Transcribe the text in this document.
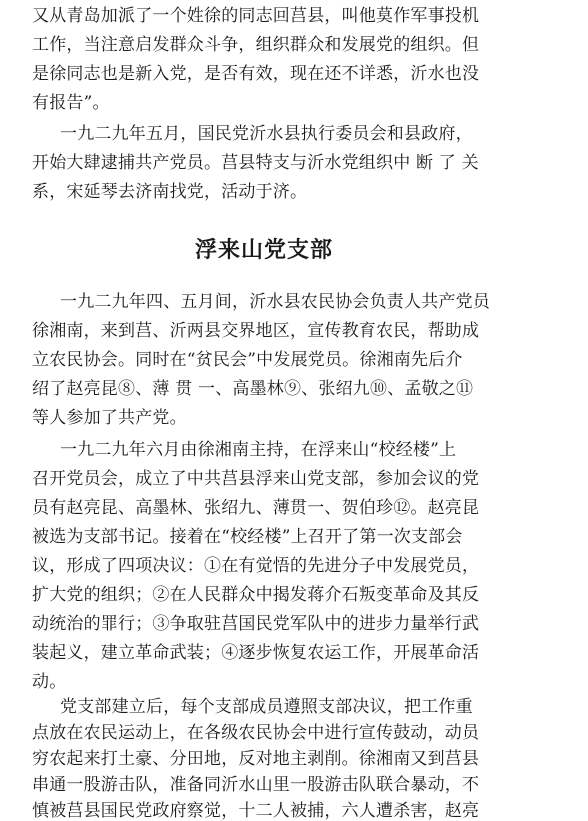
又从青岛加派了一个姓徐的同志回莒县，叫他莫作军事投机
工作，当注意启发群众斗争，组织群众和发展党的组织。但
是徐同志也是新入党，是否有效，现在还不详悉，沂水也没
有报告”。
一九二九年五月，国民党沂水县执行委员会和县政府，
开始大肆逮捕共产党员。莒县特支与沂水党组织中 断 了 关
系，宋延琴去济南找党，活动于济。
浮来山党支部
一九二九年四、五月间，沂水县农民协会负责人共产党员
徐湘南，来到莒、沂两县交界地区，宣传教育农民，帮助成
立农民协会。同时在“贫民会”中发展党员。徐湘南先后介
绍了赵亮昆⑧、薄 贯 一、高墨林⑨、张绍九⑩、孟敬之⑪
等人参加了共产党。
一九二九年六月由徐湘南主持，在浮来山“校经楼”上
召开党员会，成立了中共莒县浮来山党支部，参加会议的党
员有赵亮昆、高墨林、张绍九、薄贯一、贺伯珍⑫。赵亮昆
被选为支部书记。接着在“校经楼”上召开了第一次支部会
议，形成了四项决议：①在有觉悟的先进分子中发展党员，
扩大党的组织；②在人民群众中揭发蒋介石叛变革命及其反
动统治的罪行；③争取驻莒国民党军队中的进步力量举行武
装起义，建立革命武装；④逐步恢复农运工作，开展革命活
动。
党支部建立后，每个支部成员遵照支部决议，把工作重
点放在农民运动上，在各级农民协会中进行宣传鼓动，动员
穷农起来打土豪、分田地，反对地主剥削。徐湘南又到莒县
串通一股游击队，准备同沂水山里一股游击队联合暴动，不
慎被莒县国民党政府察觉，十二人被捕，六人遭杀害，赵亮
